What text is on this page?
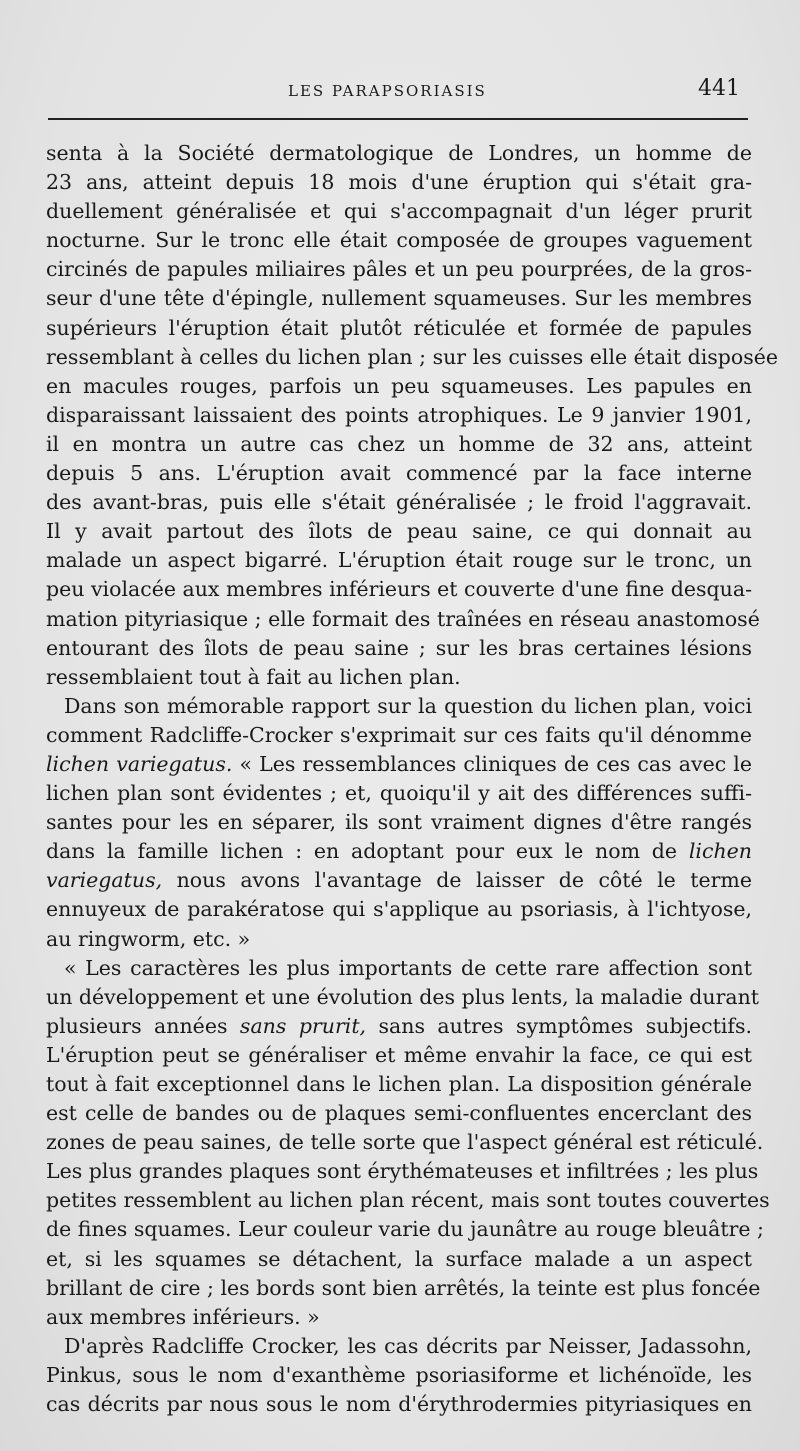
LES PARAPSORIASIS	441
senta à la Société dermatologique de Londres, un homme de
23 ans, atteint depuis 18 mois d'une éruption qui s'était gra-
duellement généralisée et qui s'accompagnait d'un léger prurit
nocturne. Sur le tronc elle était composée de groupes vaguement
circinés de papules miliaires pâles et un peu pourprées, de la gros-
seur d'une tête d'épingle, nullement squameuses. Sur les membres
supérieurs l'éruption était plutôt réticulée et formée de papules
ressemblant à celles du lichen plan ; sur les cuisses elle était disposée
en macules rouges, parfois un peu squameuses. Les papules en
disparaissant laissaient des points atrophiques. Le 9 janvier 1901,
il en montra un autre cas chez un homme de 32 ans, atteint
depuis 5 ans. L'éruption avait commencé par la face interne
des avant-bras, puis elle s'était généralisée ; le froid l'aggravait.
Il y avait partout des îlots de peau saine, ce qui donnait au
malade un aspect bigarré. L'éruption était rouge sur le tronc, un
peu violacée aux membres inférieurs et couverte d'une fine desqua-
mation pityriasique ; elle formait des traînées en réseau anastomosé
entourant des îlots de peau saine ; sur les bras certaines lésions
ressemblaient tout à fait au lichen plan.
Dans son mémorable rapport sur la question du lichen plan, voici
comment Radcliffe-Crocker s'exprimait sur ces faits qu'il dénomme
lichen variegatus. « Les ressemblances cliniques de ces cas avec le
lichen plan sont évidentes ; et, quoiqu'il y ait des différences suffi-
santes pour les en séparer, ils sont vraiment dignes d'être rangés
dans la famille lichen : en adoptant pour eux le nom de lichen
variegatus, nous avons l'avantage de laisser de côté le terme
ennuyeux de parakératose qui s'applique au psoriasis, à l'ichtyose,
au ringworm, etc. »
« Les caractères les plus importants de cette rare affection sont
un développement et une évolution des plus lents, la maladie durant
plusieurs années sans prurit, sans autres symptômes subjectifs.
L'éruption peut se généraliser et même envahir la face, ce qui est
tout à fait exceptionnel dans le lichen plan. La disposition générale
est celle de bandes ou de plaques semi-confluentes encerclant des
zones de peau saines, de telle sorte que l'aspect général est réticulé.
Les plus grandes plaques sont érythémateuses et infiltrées ; les plus
petites ressemblent au lichen plan récent, mais sont toutes couvertes
de fines squames. Leur couleur varie du jaunâtre au rouge bleuâtre ;
et, si les squames se détachent, la surface malade a un aspect
brillant de cire ; les bords sont bien arrêtés, la teinte est plus foncée
aux membres inférieurs. »
D'après Radcliffe Crocker, les cas décrits par Neisser, Jadassohn,
Pinkus, sous le nom d'exanthème psoriasiforme et lichénoïde, les
cas décrits par nous sous le nom d'érythrodermies pityriasiques en
